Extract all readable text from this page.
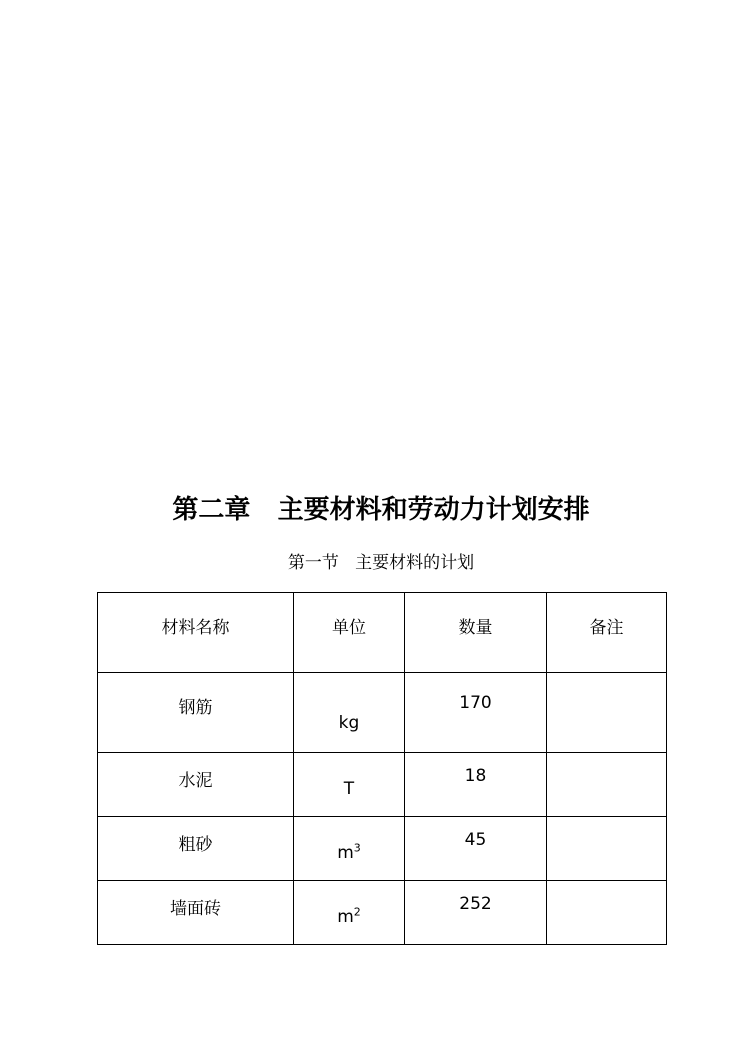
第二章   主要材料和劳动力计划安排
第一节   主要材料的计划
材料名称	单位	数量	备注
钢筋	kg	170	
水泥	T	18	
粗砂	$m^3$	45	
墙面砖	$m^2$	252	
